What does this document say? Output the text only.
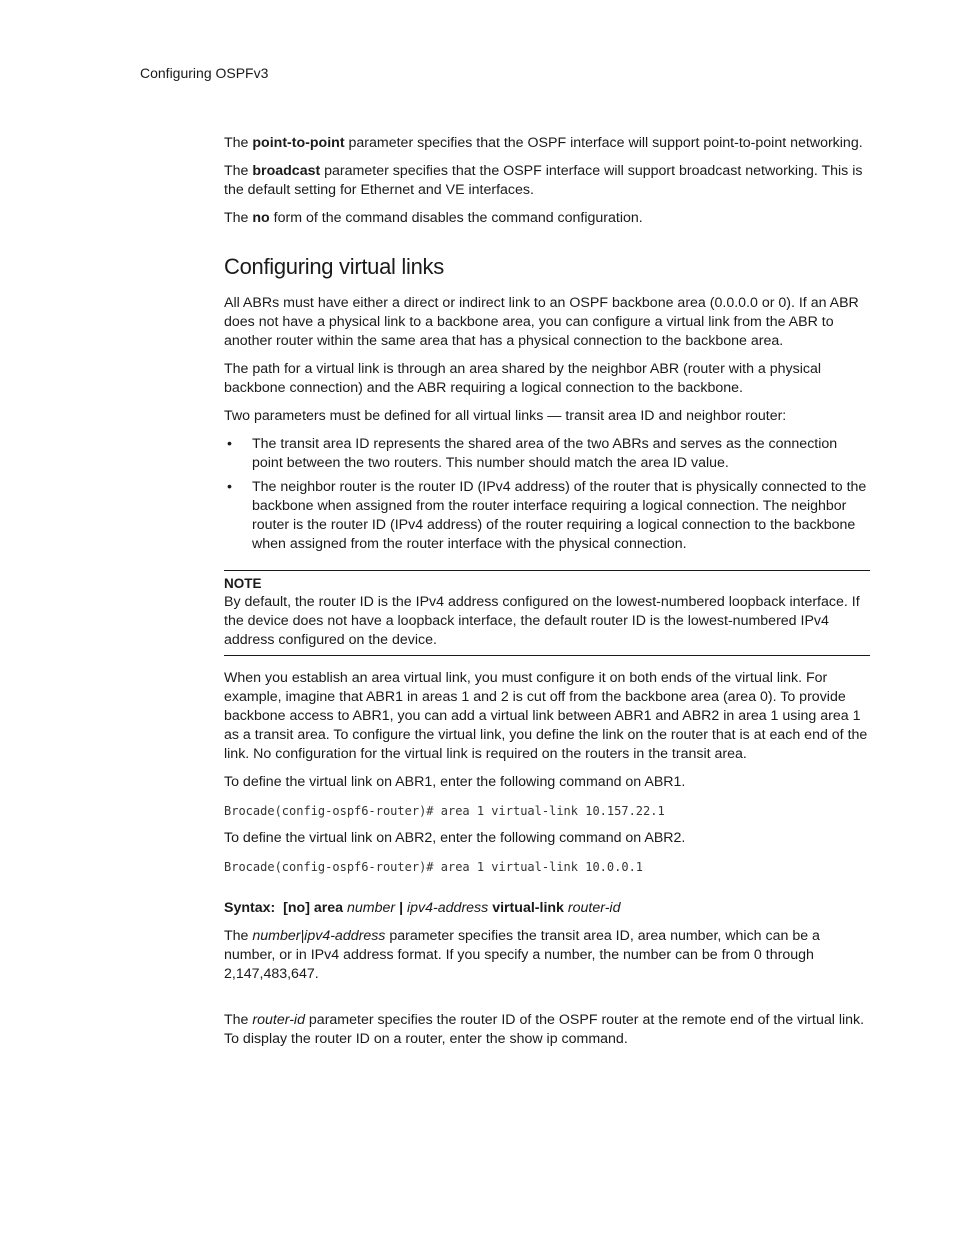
Configuring OSPFv3

The point-to-point parameter specifies that the OSPF interface will support point-to-point networking.

The broadcast parameter specifies that the OSPF interface will support broadcast networking. This is the default setting for Ethernet and VE interfaces.

The no form of the command disables the command configuration.

Configuring virtual links

All ABRs must have either a direct or indirect link to an OSPF backbone area (0.0.0.0 or 0). If an ABR does not have a physical link to a backbone area, you can configure a virtual link from the ABR to another router within the same area that has a physical connection to the backbone area.

The path for a virtual link is through an area shared by the neighbor ABR (router with a physical backbone connection) and the ABR requiring a logical connection to the backbone.

Two parameters must be defined for all virtual links — transit area ID and neighbor router:

• The transit area ID represents the shared area of the two ABRs and serves as the connection point between the two routers. This number should match the area ID value.
• The neighbor router is the router ID (IPv4 address) of the router that is physically connected to the backbone when assigned from the router interface requiring a logical connection. The neighbor router is the router ID (IPv4 address) of the router requiring a logical connection to the backbone when assigned from the router interface with the physical connection.
NOTE

By default, the router ID is the IPv4 address configured on the lowest-numbered loopback interface. If the device does not have a loopback interface, the default router ID is the lowest-numbered IPv4 address configured on the device.

When you establish an area virtual link, you must configure it on both ends of the virtual link. For example, imagine that ABR1 in areas 1 and 2 is cut off from the backbone area (area 0). To provide backbone access to ABR1, you can add a virtual link between ABR1 and ABR2 in area 1 using area 1 as a transit area. To configure the virtual link, you define the link on the router that is at each end of the link. No configuration for the virtual link is required on the routers in the transit area.

To define the virtual link on ABR1, enter the following command on ABR1.

Brocade(config-ospf6-router)# area 1 virtual-link 10.157.22.1

To define the virtual link on ABR2, enter the following command on ABR2.

Brocade(config-ospf6-router)# area 1 virtual-link 10.0.0.1

Syntax: [no] area number | ipv4-address virtual-link router-id

The number|ipv4-address parameter specifies the transit area ID, area number, which can be a number, or in IPv4 address format. If you specify a number, the number can be from 0 through 2,147,483,647.

The router-id parameter specifies the router ID of the OSPF router at the remote end of the virtual link. To display the router ID on a router, enter the show ip command.
